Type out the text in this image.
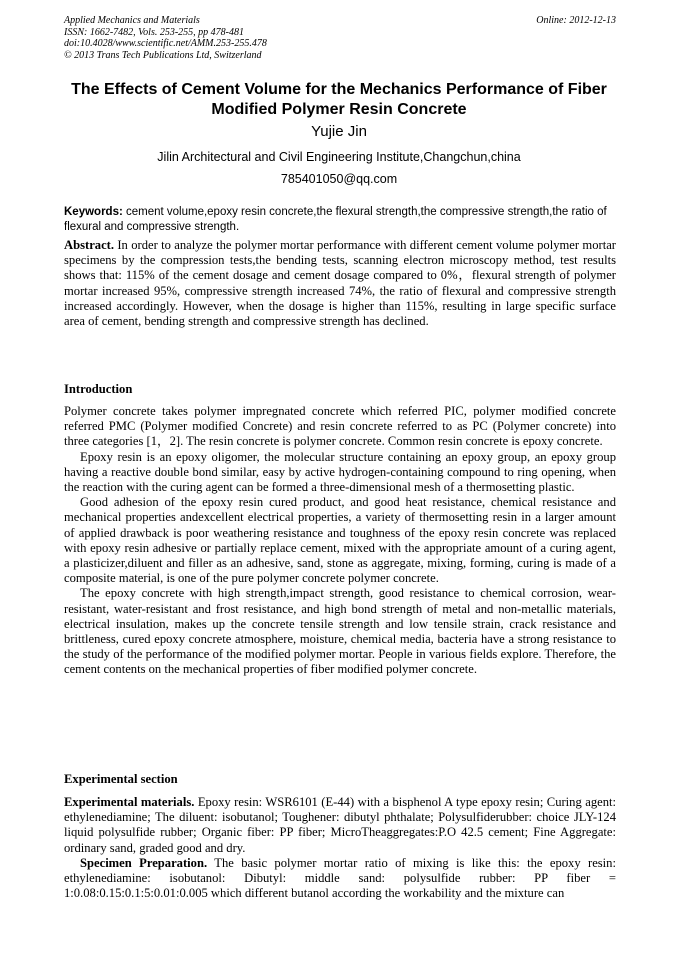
Applied Mechanics and Materials
ISSN: 1662-7482, Vols. 253-255, pp 478-481
doi:10.4028/www.scientific.net/AMM.253-255.478
© 2013 Trans Tech Publications Ltd, Switzerland
Online: 2012-12-13
The Effects of Cement Volume for the Mechanics Performance of Fiber
Modified Polymer Resin Concrete
Yujie Jin
Jilin Architectural and Civil Engineering Institute,Changchun,china
785401050@qq.com
Keywords: cement volume,epoxy resin concrete,the flexural strength,the compressive strength,the ratio of flexural and compressive strength.

Abstract. In order to analyze the polymer mortar performance with different cement volume polymer mortar specimens by the compression tests,the bending tests, scanning electron microscopy method, test results shows that: 115% of the cement dosage and cement dosage compared to 0%，flexural strength of polymer mortar increased 95%, compressive strength increased 74%, the ratio of flexural and compressive strength increased accordingly. However, when the dosage is higher than 115%, resulting in large specific surface area of cement, bending strength and compressive strength has declined.

Introduction

Polymer concrete takes polymer impregnated concrete which referred PIC, polymer modified concrete referred PMC (Polymer modified Concrete) and resin concrete referred to as PC (Polymer concrete) into three categories [1，2]. The resin concrete is polymer concrete. Common resin concrete is epoxy concrete.

Epoxy resin is an epoxy oligomer, the molecular structure containing an epoxy group, an epoxy group having a reactive double bond similar, easy by active hydrogen-containing compound to ring opening, when the reaction with the curing agent can be formed a three-dimensional mesh of a thermosetting plastic.

Good adhesion of the epoxy resin cured product, and good heat resistance, chemical resistance and mechanical properties andexcellent electrical properties, a variety of thermosetting resin in a larger amount of applied drawback is poor weathering resistance and toughness of the epoxy resin concrete was replaced with epoxy resin adhesive or partially replace cement, mixed with the appropriate amount of a curing agent, a plasticizer,diluent and filler as an adhesive, sand, stone as aggregate, mixing, forming, curing is made of a composite material, is one of the pure polymer concrete polymer concrete.

The epoxy concrete with high strength,impact strength, good resistance to chemical corrosion, wear-resistant, water-resistant and frost resistance, and high bond strength of metal and non-metallic materials, electrical insulation, makes up the concrete tensile strength and low tensile strain, crack resistance and brittleness, cured epoxy concrete atmosphere, moisture, chemical media, bacteria have a strong resistance to the study of the performance of the modified polymer mortar. People in various fields explore. Therefore, the cement contents on the mechanical properties of fiber modified polymer concrete.

Experimental section

Experimental materials. Epoxy resin: WSR6101 (E-44) with a bisphenol A type epoxy resin; Curing agent: ethylenediamine; The diluent: isobutanol; Toughener: dibutyl phthalate; Polysulfiderubber: choice JLY-124 liquid polysulfide rubber; Organic fiber: PP fiber; MicroTheaggregates:P.O 42.5 cement; Fine Aggregate: ordinary sand, graded good and dry.

Specimen Preparation. The basic polymer mortar ratio of mixing is like this: the epoxy resin: ethylenediamine: isobutanol: Dibutyl: middle sand: polysulfide rubber: PP fiber = 1:0.08:0.15:0.1:5:0.01:0.005 which different butanol according the workability and the mixture can
